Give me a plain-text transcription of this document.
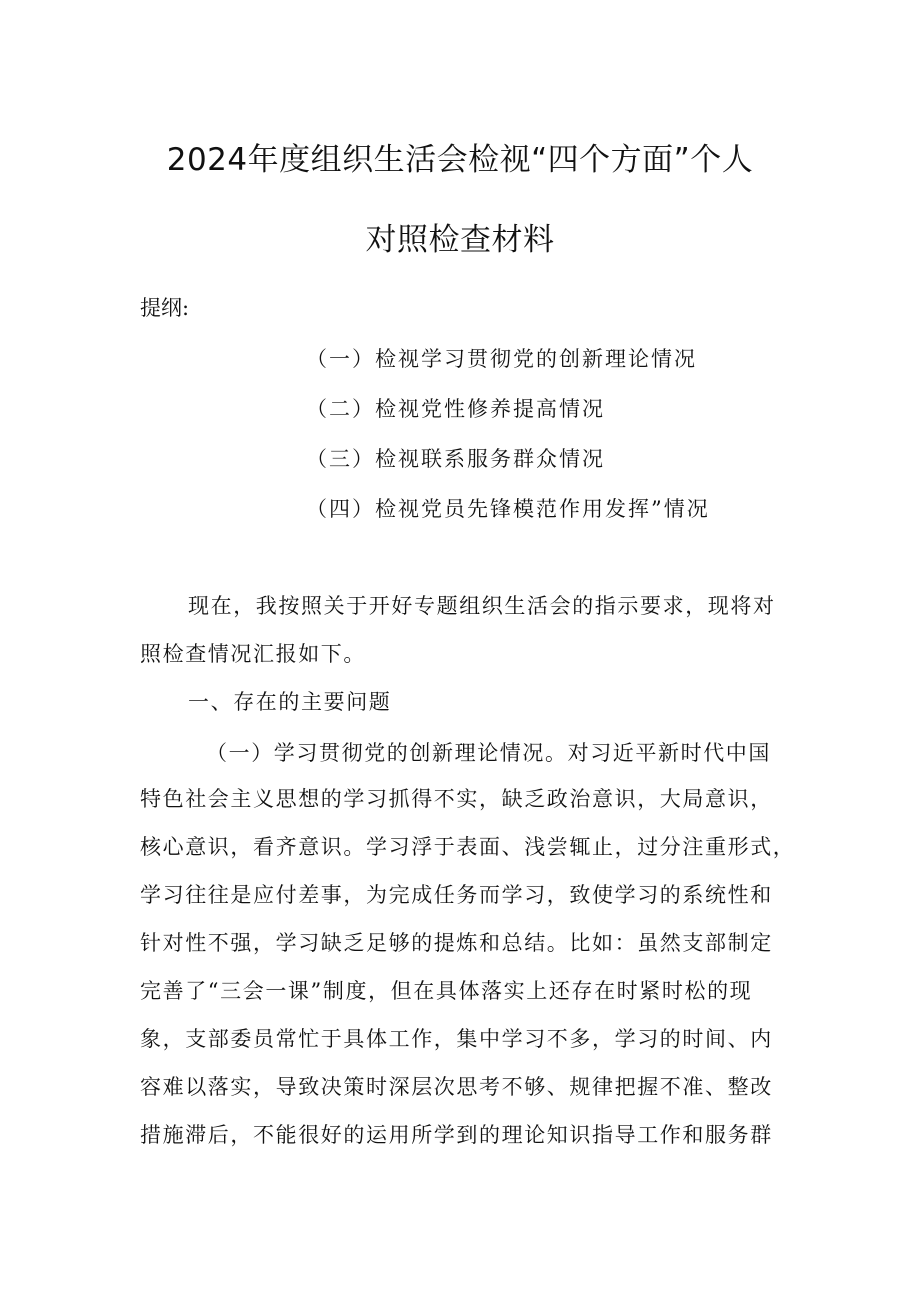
2024年度组织生活会检视“四个方面”个人
对照检查材料
提纲:
（一）检视学习贯彻党的创新理论情况
（二）检视党性修养提高情况
（三）检视联系服务群众情况
（四）检视党员先锋模范作用发挥”情况
现在，我按照关于开好专题组织生活会的指示要求，现将对
照检查情况汇报如下。
一、存在的主要问题
（一）学习贯彻党的创新理论情况。对习近平新时代中国
特色社会主义思想的学习抓得不实，缺乏政治意识，大局意识，
核心意识，看齐意识。学习浮于表面、浅尝辄止，过分注重形式，
学习往往是应付差事，为完成任务而学习，致使学习的系统性和
针对性不强，学习缺乏足够的提炼和总结。比如：虽然支部制定
完善了“三会一课”制度，但在具体落实上还存在时紧时松的现
象，支部委员常忙于具体工作，集中学习不多，学习的时间、内
容难以落实，导致决策时深层次思考不够、规律把握不准、整改
措施滞后，不能很好的运用所学到的理论知识指导工作和服务群
